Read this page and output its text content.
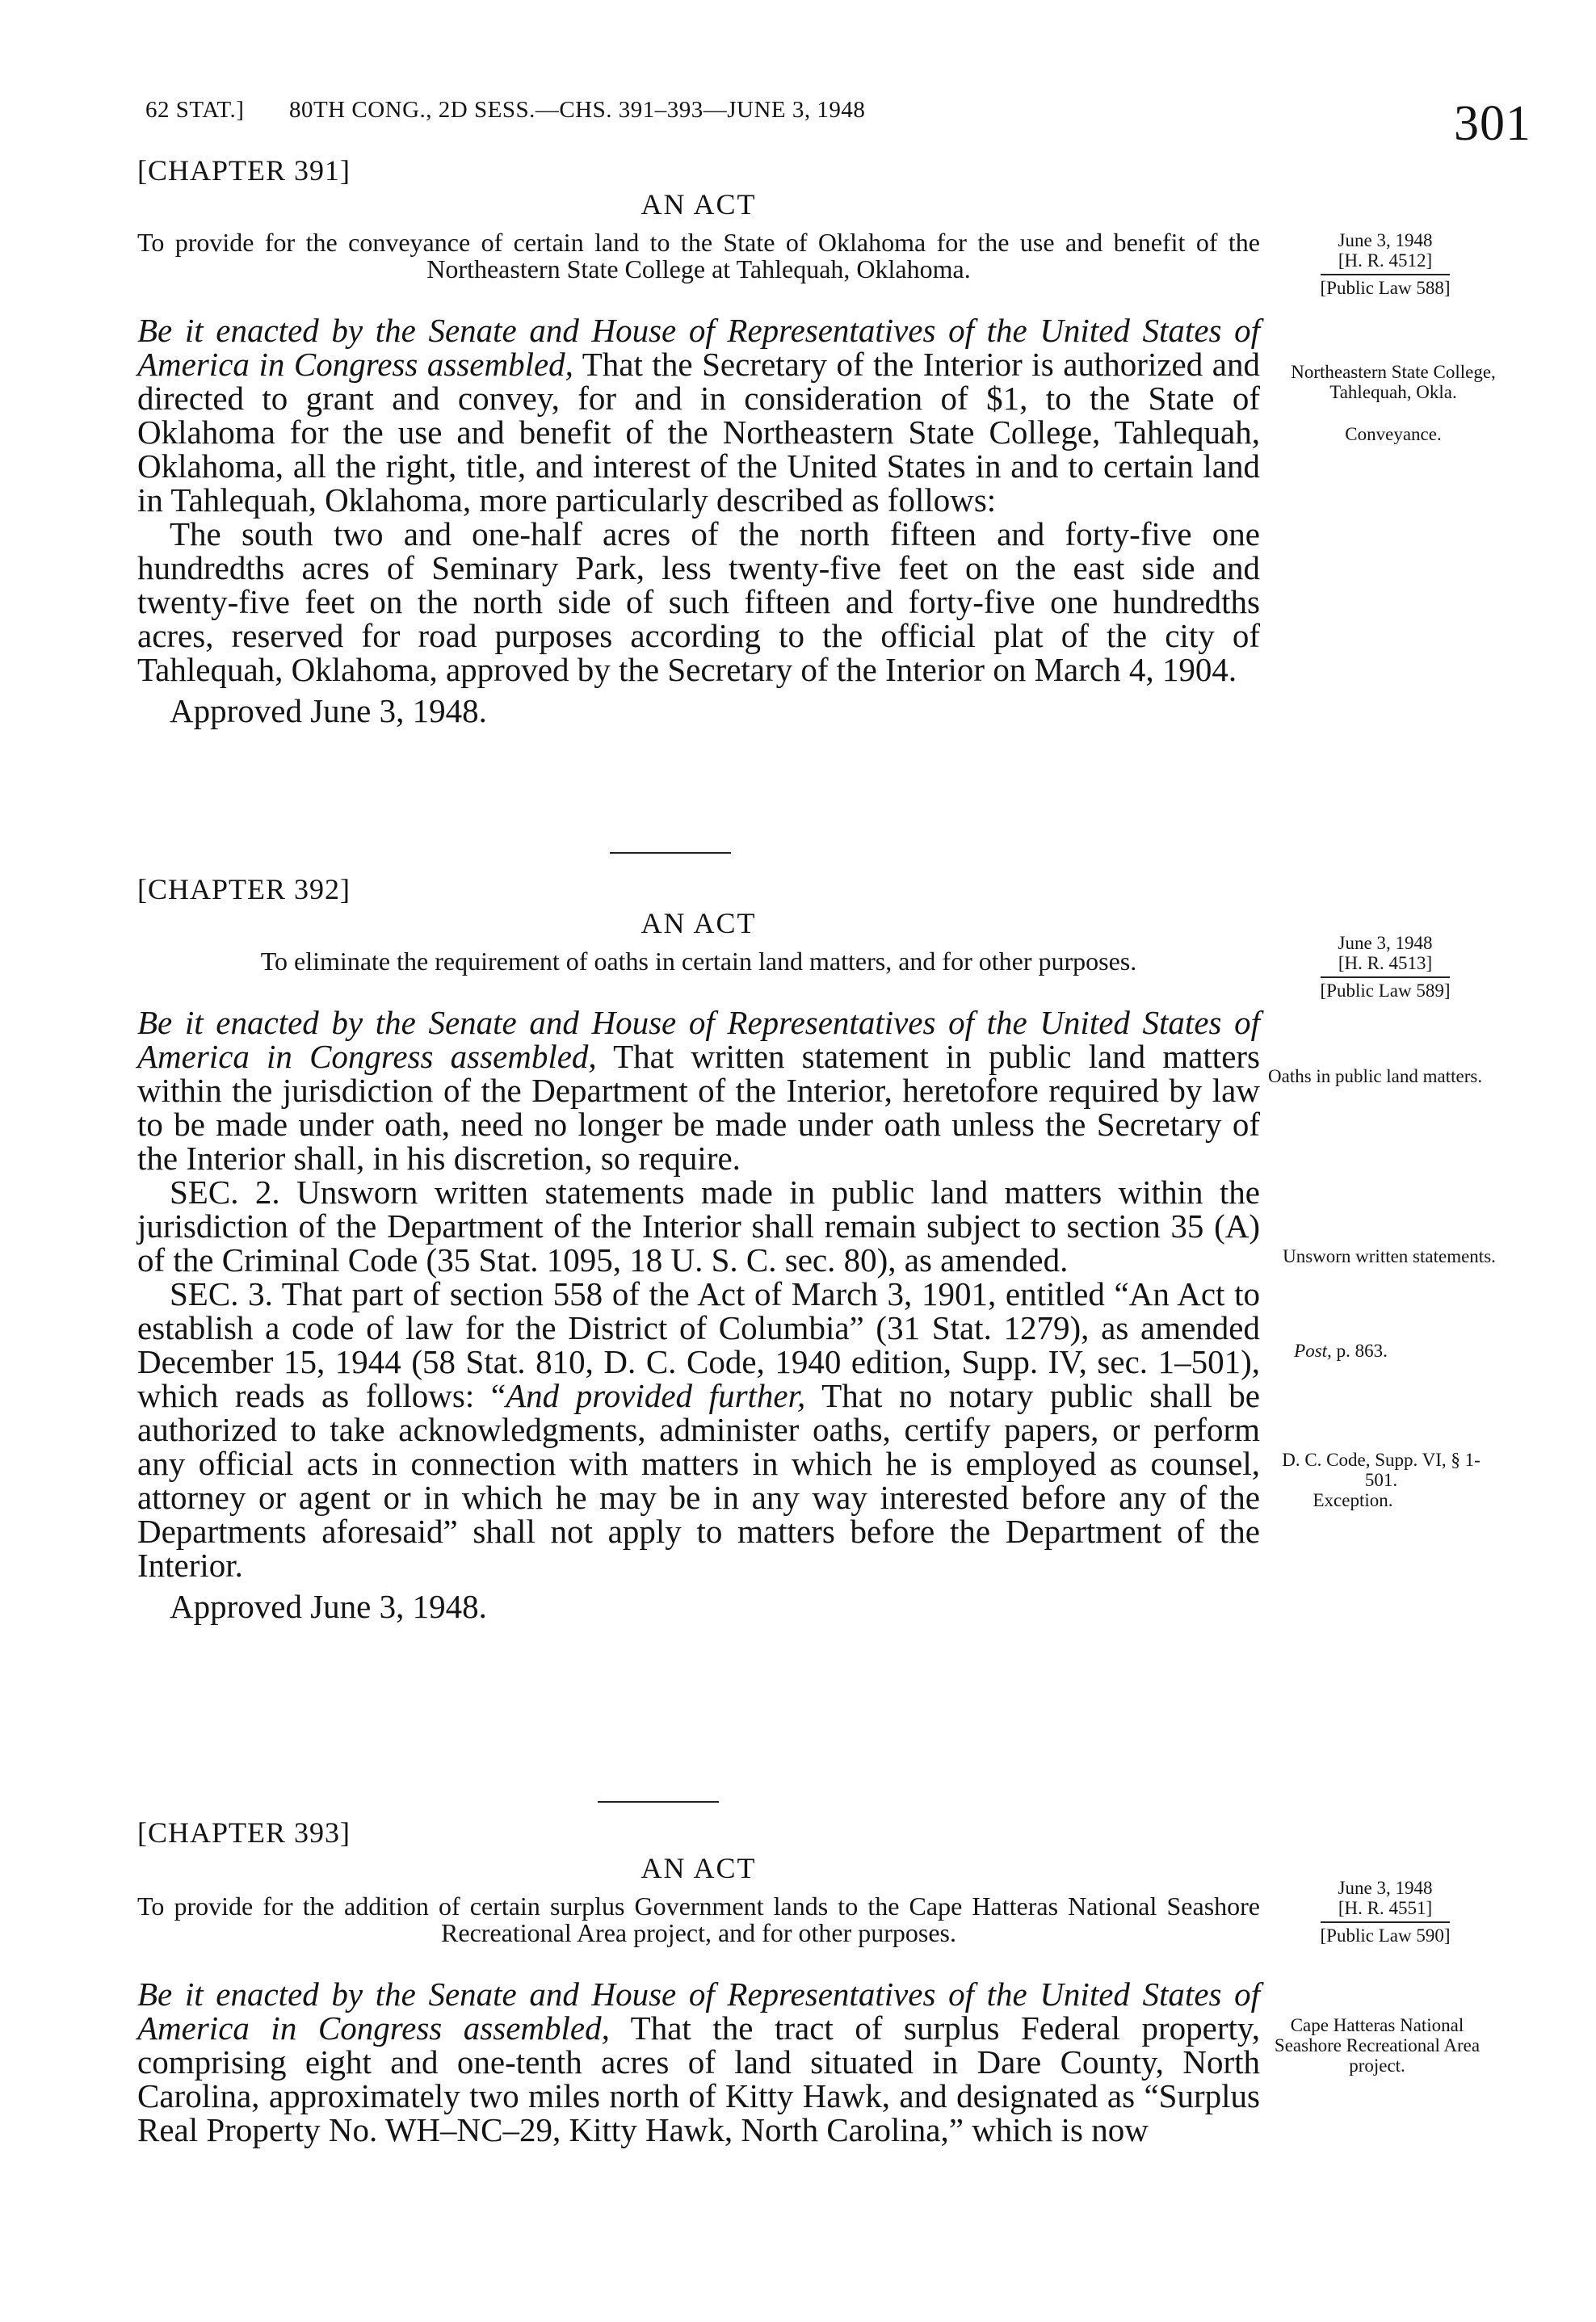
62 STAT.] 80TH CONG., 2D SESS.—CHS. 391–393—JUNE 3, 1948	301
[CHAPTER 391]
AN ACT
To provide for the conveyance of certain land to the State of Oklahoma for the use and benefit of the Northeastern State College at Tahlequah, Oklahoma.

Be it enacted by the Senate and House of Representatives of the United States of America in Congress assembled, That the Secretary of the Interior is authorized and directed to grant and convey, for and in consideration of $1, to the State of Oklahoma for the use and benefit of the Northeastern State College, Tahlequah, Oklahoma, all the right, title, and interest of the United States in and to certain land in Tahlequah, Oklahoma, more particularly described as follows:

The south two and one-half acres of the north fifteen and forty-five one hundredths acres of Seminary Park, less twenty-five feet on the east side and twenty-five feet on the north side of such fifteen and forty-five one hundredths acres, reserved for road purposes according to the official plat of the city of Tahlequah, Oklahoma, approved by the Secretary of the Interior on March 4, 1904.

Approved June 3, 1948.
June 3, 1948
[H. R. 4512]
[Public Law 588]
Northeastern State College, Tahlequah, Okla.
Conveyance.
[CHAPTER 392]
AN ACT
To eliminate the requirement of oaths in certain land matters, and for other purposes.

Be it enacted by the Senate and House of Representatives of the United States of America in Congress assembled, That written statement in public land matters within the jurisdiction of the Department of the Interior, heretofore required by law to be made under oath, need no longer be made under oath unless the Secretary of the Interior shall, in his discretion, so require.

SEC. 2. Unsworn written statements made in public land matters within the jurisdiction of the Department of the Interior shall remain subject to section 35 (A) of the Criminal Code (35 Stat. 1095, 18 U. S. C. sec. 80), as amended.

SEC. 3. That part of section 558 of the Act of March 3, 1901, entitled “An Act to establish a code of law for the District of Columbia” (31 Stat. 1279), as amended December 15, 1944 (58 Stat. 810, D. C. Code, 1940 edition, Supp. IV, sec. 1–501), which reads as follows: “And provided further, That no notary public shall be authorized to take acknowledgments, administer oaths, certify papers, or perform any official acts in connection with matters in which he is employed as counsel, attorney or agent or in which he may be in any way interested before any of the Departments aforesaid” shall not apply to matters before the Department of the Interior.

Approved June 3, 1948.
June 3, 1948
[H. R. 4513]
[Public Law 589]
Oaths in public land matters.
Unsworn written statements.
Post, p. 863.
D. C. Code, Supp. VI, § 1-501.
Exception.
[CHAPTER 393]
AN ACT
To provide for the addition of certain surplus Government lands to the Cape Hatteras National Seashore Recreational Area project, and for other purposes.

Be it enacted by the Senate and House of Representatives of the United States of America in Congress assembled, That the tract of surplus Federal property, comprising eight and one-tenth acres of land situated in Dare County, North Carolina, approximately two miles north of Kitty Hawk, and designated as “Surplus Real Property No. WH–NC–29, Kitty Hawk, North Carolina,” which is now

June 3, 1948
[H. R. 4551]
[Public Law 590]
Cape Hatteras National Seashore Recreational Area project.
